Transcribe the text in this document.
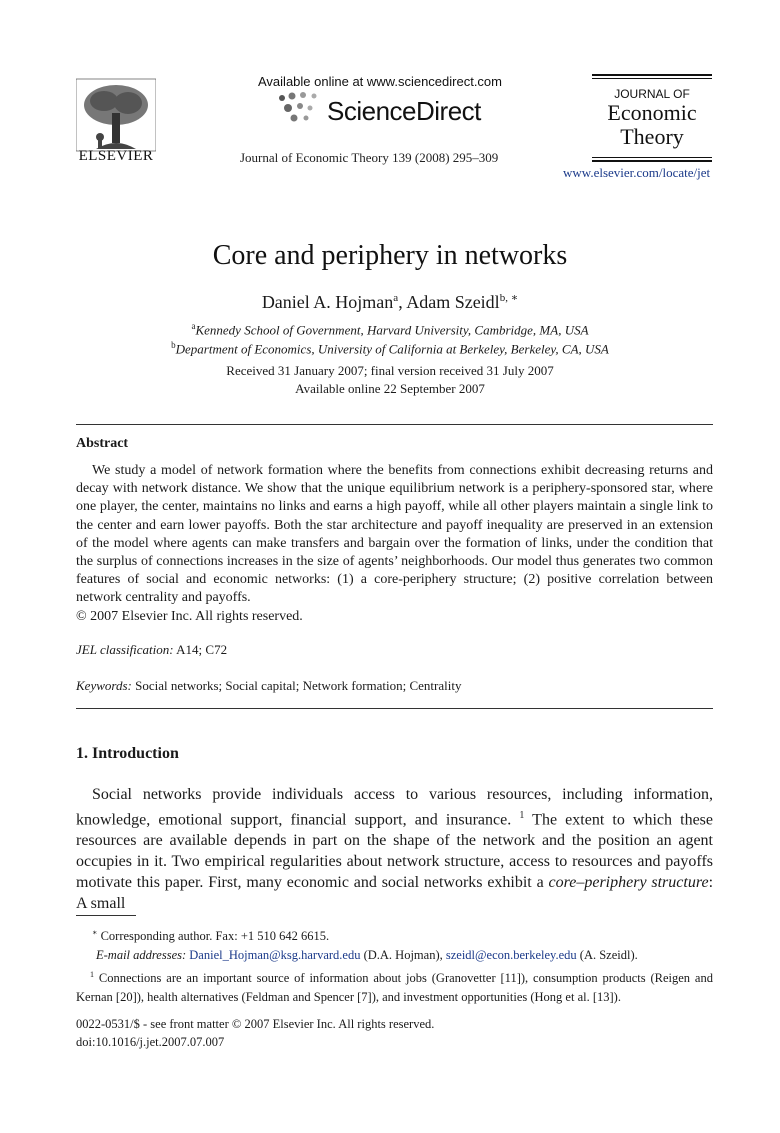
ELSEVIER
Available online at www.sciencedirect.com
ScienceDirect
Journal of Economic Theory 139 (2008) 295–309
JOURNAL OF
Economic
Theory
www.elsevier.com/locate/jet
Core and periphery in networks
Daniel A. Hojman$^a$, Adam Szeidl$^{b, ∗}$
$^a$Kennedy School of Government, Harvard University, Cambridge, MA, USA
$^b$Department of Economics, University of California at Berkeley, Berkeley, CA, USA
Received 31 January 2007; final version received 31 July 2007
Available online 22 September 2007
Abstract

We study a model of network formation where the benefits from connections exhibit decreasing returns and decay with network distance. We show that the unique equilibrium network is a periphery-sponsored star, where one player, the center, maintains no links and earns a high payoff, while all other players maintain a single link to the center and earn lower payoffs. Both the star architecture and payoff inequality are preserved in an extension of the model where agents can make transfers and bargain over the formation of links, under the condition that the surplus of connections increases in the size of agents’ neighborhoods. Our model thus generates two common features of social and economic networks: (1) a core-periphery structure; (2) positive correlation between network centrality and payoffs.

© 2007 Elsevier Inc. All rights reserved.

JEL classification: A14; C72
Keywords: Social networks; Social capital; Network formation; Centrality
1. Introduction

Social networks provide individuals access to various resources, including information, knowledge, emotional support, financial support, and insurance. $^1$ The extent to which these resources are available depends in part on the shape of the network and the position an agent occupies in it. Two empirical regularities about network structure, access to resources and payoffs motivate this paper. First, many economic and social networks exhibit a core–periphery structure: A small

∗ Corresponding author. Fax: +1 510 642 6615.

E-mail addresses: Daniel_Hojman@ksg.harvard.edu (D.A. Hojman), szeidl@econ.berkeley.edu (A. Szeidl).

$^1$ Connections are an important source of information about jobs (Granovetter [11]), consumption products (Reigen and Kernan [20]), health alternatives (Feldman and Spencer [7]), and investment opportunities (Hong et al. [13]).

0022-0531/$ - see front matter © 2007 Elsevier Inc. All rights reserved.
doi:10.1016/j.jet.2007.07.007
